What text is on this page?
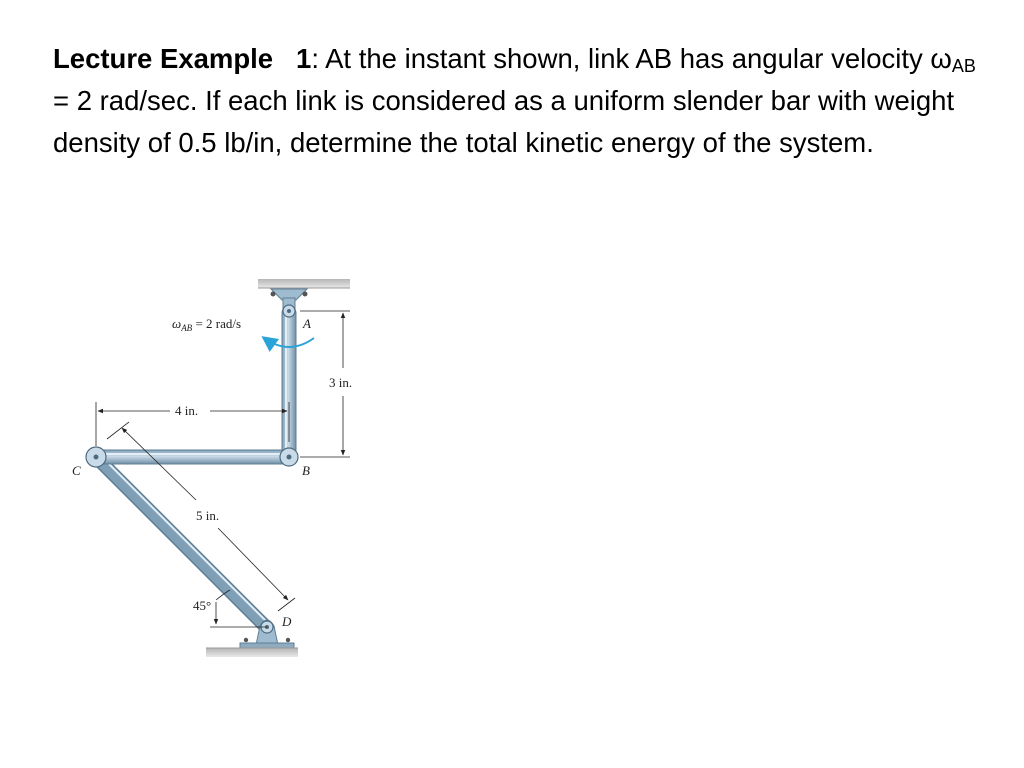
Lecture Example 1: At the instant shown, link AB has angular velocity $\omega_{AB} = 2$ rad/sec. If each link is considered as a uniform slender bar with weight density of 0.5 lb/in, determine the total kinetic energy of the system.

$\omega_{AB} = 2$ rad/s	A
B
C
D
3 in.
4 in.
5 in.
45°
